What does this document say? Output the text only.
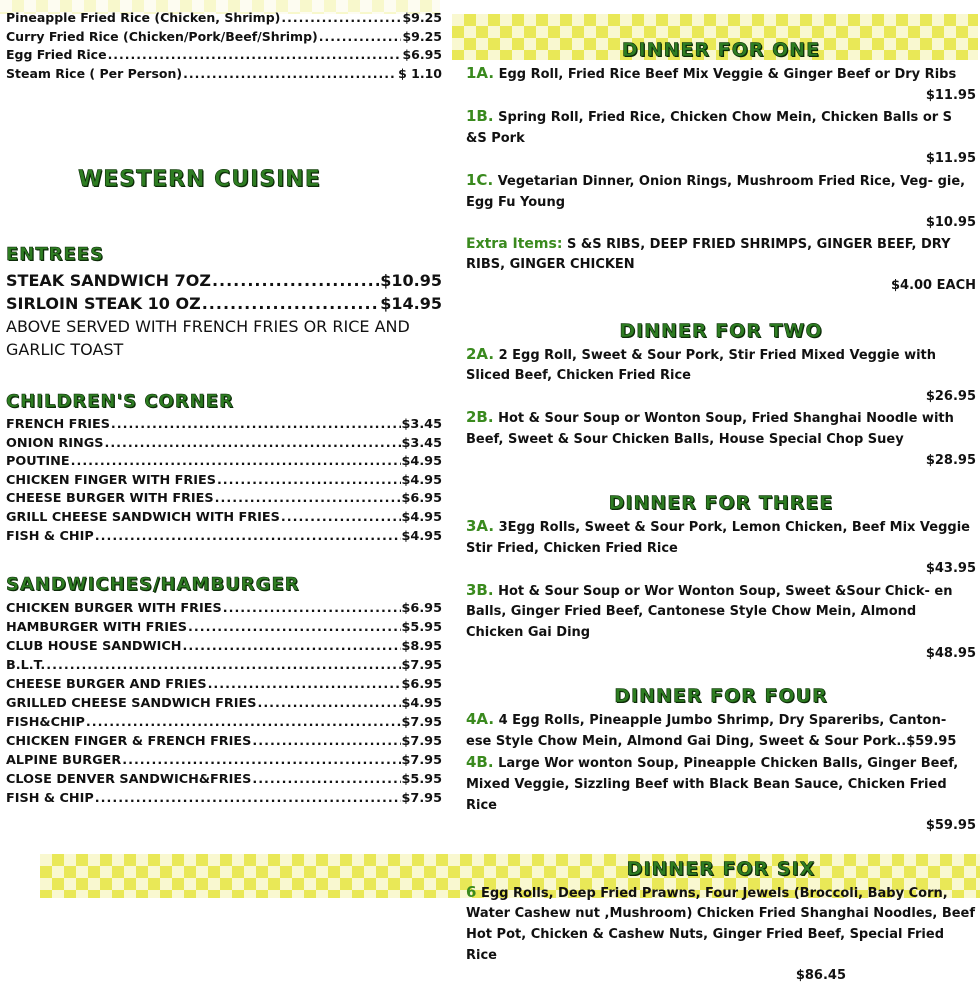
Pineapple Fried Rice (Chicken, Shrimp) .....	$9.25
Curry Fried Rice (Chicken/Pork/Beef/Shrimp) .....	$9.25
Egg Fried Rice .....	$6.95
Steam Rice ( Per Person) .....	$ 1.10
WESTERN CUISINE
ENTREES
STEAK SANDWICH 7OZ .....	$10.95
SIRLOIN STEAK 10 OZ .....	$14.95
ABOVE SERVED WITH FRENCH FRIES OR RICE AND GARLIC TOAST
CHILDREN'S CORNER
FRENCH FRIES .....	$3.45
ONION RINGS .....	$3.45
POUTINE .....	$4.95
CHICKEN FINGER WITH FRIES .....	$4.95
CHEESE BURGER WITH FRIES .....	$6.95
GRILL CHEESE SANDWICH WITH FRIES .....	$4.95
FISH & CHIP .....	$4.95
SANDWICHES/HAMBURGER
CHICKEN BURGER WITH FRIES .....	$6.95
HAMBURGER WITH FRIES .....	$5.95
CLUB HOUSE SANDWICH .....	$8.95
B.L.T. .....	$7.95
CHEESE BURGER AND FRIES .....	$6.95
GRILLED CHEESE SANDWICH FRIES .....	$4.95
FISH&CHIP .....	$7.95
CHICKEN FINGER & FRENCH FRIES .....	$7.95
ALPINE BURGER .....	$7.95
CLOSE DENVER SANDWICH&FRIES .....	$5.95
FISH & CHIP .....	$7.95
DINNER FOR ONE
1A. Egg Roll, Fried Rice Beef Mix Veggie & Ginger Beef or Dry Ribs
$11.95
1B. Spring Roll, Fried Rice, Chicken Chow Mein, Chicken Balls or S &S Pork
$11.95
1C. Vegetarian Dinner, Onion Rings, Mushroom Fried Rice, Veg- gie, Egg Fu Young
$10.95
Extra Items: S &S RIBS, DEEP FRIED SHRIMPS, GINGER BEEF, DRY RIBS, GINGER CHICKEN
$4.00 EACH
DINNER FOR TWO
2A. 2 Egg Roll, Sweet & Sour Pork, Stir Fried Mixed Veggie with Sliced Beef, Chicken Fried Rice
$26.95
2B. Hot & Sour Soup or Wonton Soup, Fried Shanghai Noodle with Beef, Sweet & Sour Chicken Balls, House Special Chop Suey
$28.95
DINNER FOR THREE
3A. 3Egg Rolls, Sweet & Sour Pork, Lemon Chicken, Beef Mix Veggie Stir Fried, Chicken Fried Rice
$43.95
3B. Hot & Sour Soup or Wor Wonton Soup, Sweet &Sour Chick- en Balls, Ginger Fried Beef, Cantonese Style Chow Mein, Almond Chicken Gai Ding
$48.95
DINNER FOR FOUR
4A. 4 Egg Rolls, Pineapple Jumbo Shrimp, Dry Spareribs, Canton- ese Style Chow Mein, Almond Gai Ding, Sweet & Sour Pork..$59.95
4B. Large Wor wonton Soup, Pineapple Chicken Balls, Ginger Beef, Mixed Veggie, Sizzling Beef with Black Bean Sauce, Chicken Fried Rice
$59.95
DINNER FOR SIX
6 Egg Rolls, Deep Fried Prawns, Four Jewels (Broccoli, Baby Corn, Water Cashew nut ,Mushroom) Chicken Fried Shanghai Noodles, Beef Hot Pot, Chicken & Cashew Nuts, Ginger Fried Beef, Special Fried Rice
$86.45
